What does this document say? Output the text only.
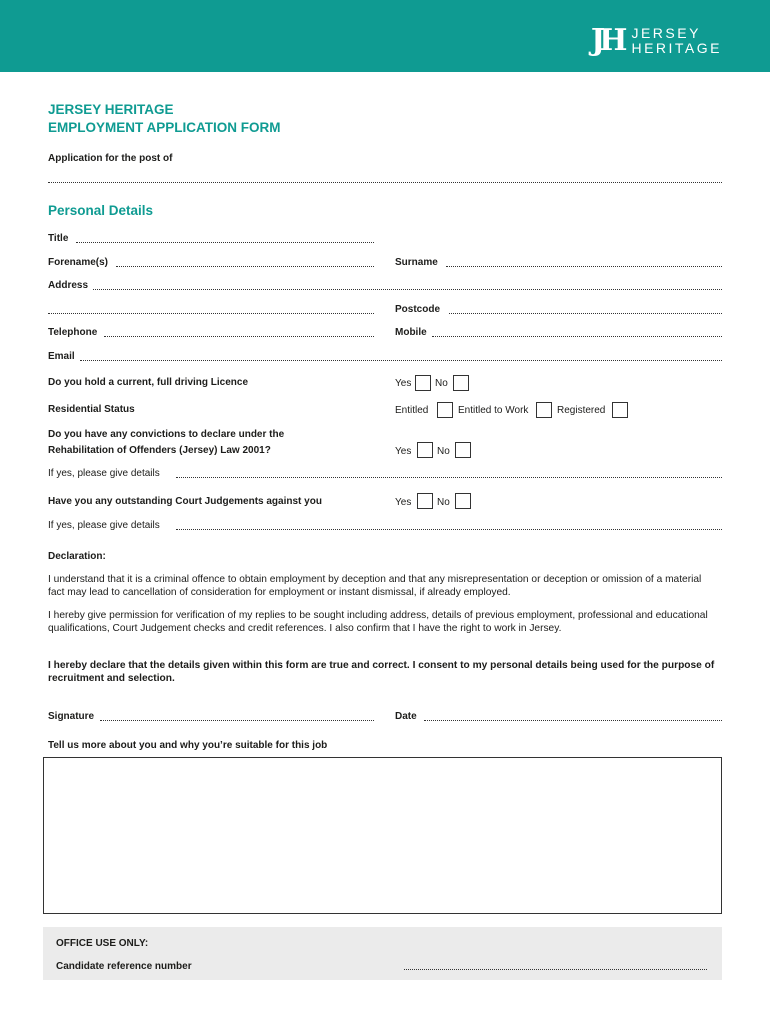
JH JERSEY
HERITAGE
JERSEY HERITAGE
EMPLOYMENT APPLICATION FORM
Application for the post of
Personal Details
Title
Forename(s)	Surname
Address
Postcode
Telephone	Mobile
Email
Do you hold a current, full driving Licence	Yes No
Residential Status	Entitled	Entitled to Work	Registered
Do you have any convictions to declare under the
Rehabilitation of Offenders (Jersey) Law 2001?	Yes	No
If yes, please give details
Have you any outstanding Court Judgements against you	Yes	No
If yes, please give details
Declaration:
I understand that it is a criminal offence to obtain employment by deception and that any misrepresentation or deception or omission of a material fact may lead to cancellation of consideration for employment or instant dismissal, if already employed.
I hereby give permission for verification of my replies to be sought including address, details of previous employment, professional and educational qualifications, Court Judgement checks and credit references. I also confirm that I have the right to work in Jersey.
I hereby declare that the details given within this form are true and correct. I consent to my personal details being used for the purpose of recruitment and selection.
Signature	Date
Tell us more about you and why you’re suitable for this job
OFFICE USE ONLY:
Candidate reference number
